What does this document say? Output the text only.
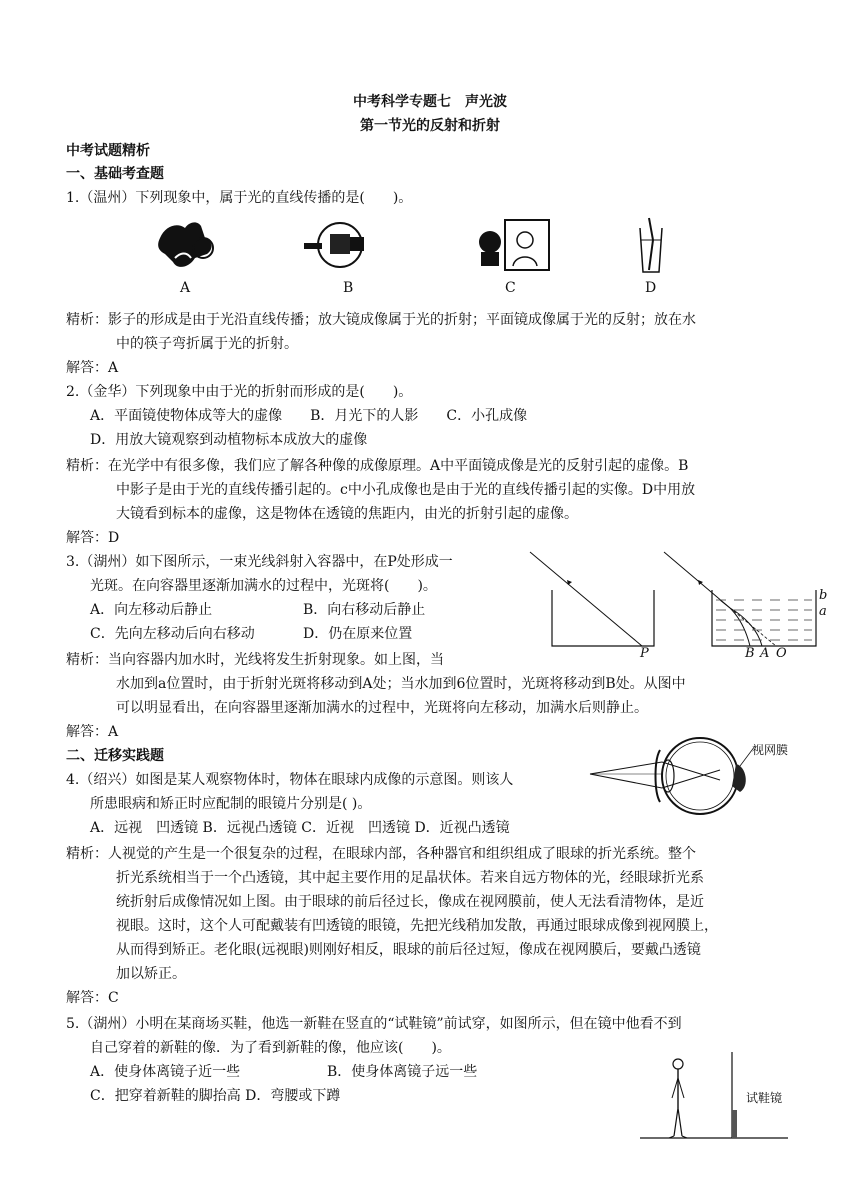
中考科学专题七　声光波
第一节光的反射和折射
中考试题精析
一、基础考查题
1.（温州）下列现象中，属于光的直线传播的是(　　)。
A	B	C	D
精析：影子的形成是由于光沿直线传播；放大镜成像属于光的折射；平面镜成像属于光的反射；放在水
中的筷子弯折属于光的折射。
解答：A
2.（金华）下列现象中由于光的折射而形成的是(　　)。
A．平面镜使物体成等大的虚像　　B．月光下的人影　　C．小孔成像
D．用放大镜观察到动植物标本成放大的虚像
精析：在光学中有很多像，我们应了解各种像的成像原理。A中平面镜成像是光的反射引起的虚像。B
中影子是由于光的直线传播引起的。c中小孔成像也是由于光的直线传播引起的实像。D中用放
大镜看到标本的虚像，这是物体在透镜的焦距内，由光的折射引起的虚像。
解答：D
3.（湖州）如下图所示，一束光线斜射入容器中，在P处形成一
光斑。在向容器里逐渐加满水的过程中，光斑将(　　)。
A．向左移动后静止	B．向右移动后静止
C．先向左移动后向右移动	D．仍在原来位置
P
b
a
B A O
精析：当向容器内加水时，光线将发生折射现象。如上图，当
水加到a位置时，由于折射光斑将移动到A处；当水加到6位置时，光斑将移动到B处。从图中
可以明显看出，在向容器里逐渐加满水的过程中，光斑将向左移动，加满水后则静止。
解答：A
二、迁移实践题
4.（绍兴）如图是某人观察物体时，物体在眼球内成像的示意图。则该人
所患眼病和矫正时应配制的眼镜片分别是( )。
A．远视　凹透镜 B．远视凸透镜 C．近视　凹透镜 D．近视凸透镜
视网膜
精析：人视觉的产生是一个很复杂的过程，在眼球内部，各种器官和组织组成了眼球的折光系统。整个
折光系统相当于一个凸透镜，其中起主要作用的足晶状体。若来自远方物体的光，经眼球折光系
统折射后成像情况如上图。由于眼球的前后径过长，像成在视网膜前，使人无法看清物体，是近
视眼。这时，这个人可配戴装有凹透镜的眼镜，先把光线稍加发散，再通过眼球成像到视网膜上，
从而得到矫正。老化眼(远视眼)则刚好相反，眼球的前后径过短，像成在视网膜后，要戴凸透镜
加以矫正。
解答：C
5.（湖州）小明在某商场买鞋，他选一新鞋在竖直的“试鞋镜”前试穿，如图所示，但在镜中他看不到
自己穿着的新鞋的像．为了看到新鞋的像，他应该(　　)。
A．使身体离镜子近一些	B．使身体离镜子远一些
C．把穿着新鞋的脚抬高 D．弯腰或下蹲	试鞋镜
